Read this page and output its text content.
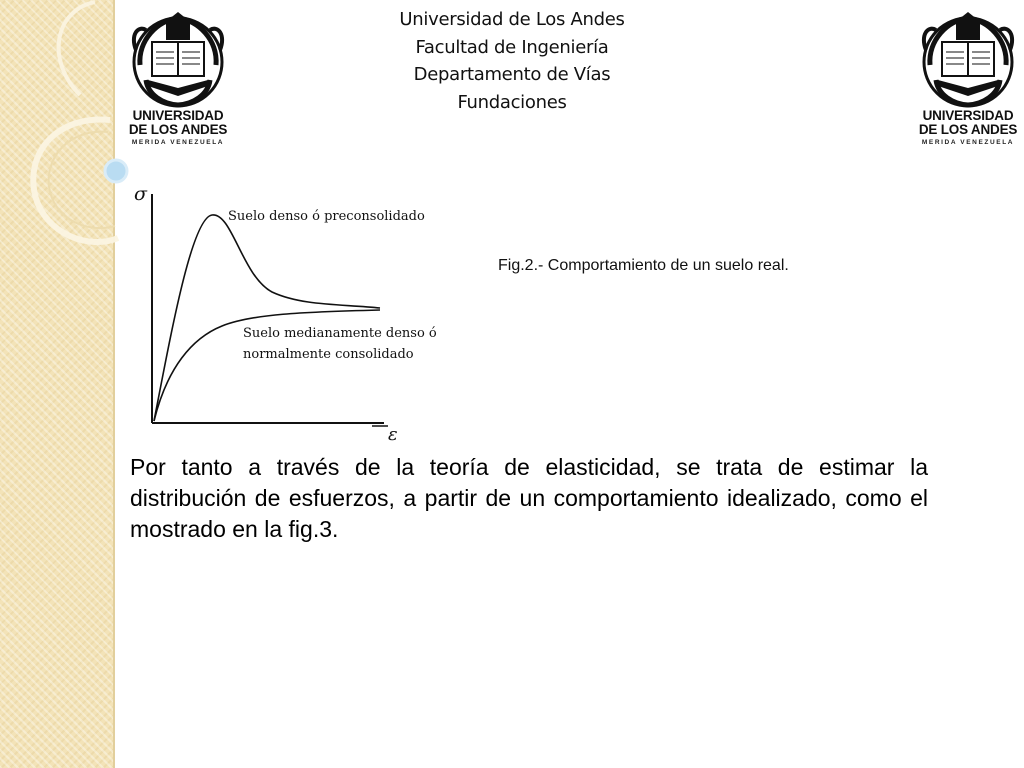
UNIVERSIDAD
DE LOS ANDES
MERIDA VENEZUELA
UNIVERSIDAD
DE LOS ANDES
MERIDA VENEZUELA
Universidad de Los Andes
Facultad de Ingeniería
Departamento de Vías
Fundaciones
σ
ε
Suelo denso ó preconsolidado
Suelo medianamente denso ó
normalmente consolidado
Fig.2.- Comportamiento de un suelo real.

Por tanto a través de la teoría de elasticidad, se trata de estimar la distribución de esfuerzos, a partir de un comportamiento idealizado, como el mostrado en la fig.3.
